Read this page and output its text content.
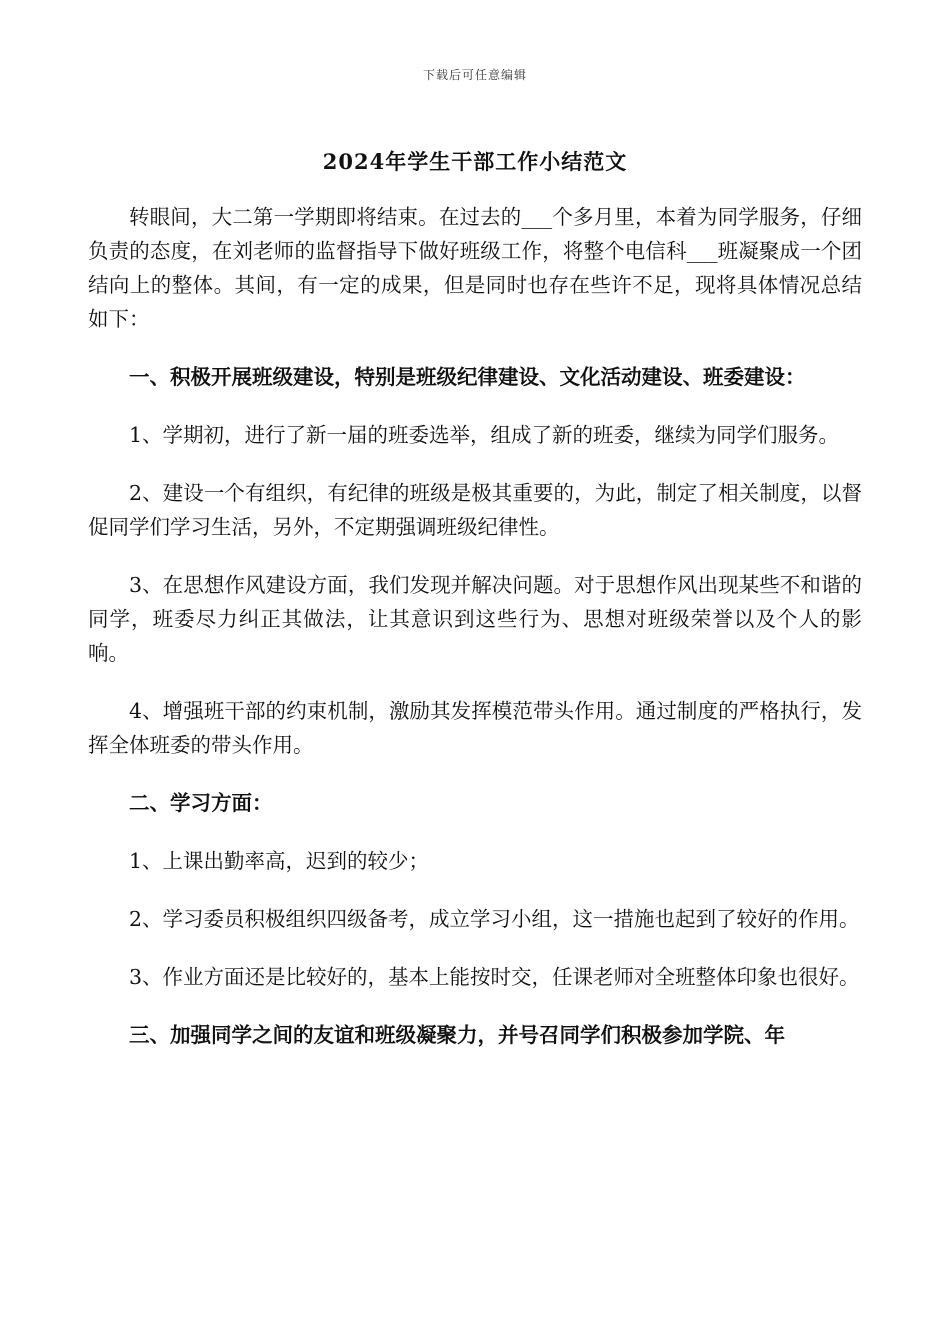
下载后可任意编辑
2024年学生干部工作小结范文

转眼间，大二第一学期即将结束。在过去的___个多月里，本着为同学服务，仔细负责的态度，在刘老师的监督指导下做好班级工作，将整个电信科___班凝聚成一个团结向上的整体。其间，有一定的成果，但是同时也存在些许不足，现将具体情况总结如下：

一、积极开展班级建设，特别是班级纪律建设、文化活动建设、班委建设：

1、学期初，进行了新一届的班委选举，组成了新的班委，继续为同学们服务。

2、建设一个有组织，有纪律的班级是极其重要的，为此，制定了相关制度，以督促同学们学习生活，另外，不定期强调班级纪律性。

3、在思想作风建设方面，我们发现并解决问题。对于思想作风出现某些不和谐的同学，班委尽力纠正其做法，让其意识到这些行为、思想对班级荣誉以及个人的影响。

4、增强班干部的约束机制，激励其发挥模范带头作用。通过制度的严格执行，发挥全体班委的带头作用。

二、学习方面：

1、上课出勤率高，迟到的较少；

2、学习委员积极组织四级备考，成立学习小组，这一措施也起到了较好的作用。

3、作业方面还是比较好的，基本上能按时交，任课老师对全班整体印象也很好。

三、加强同学之间的友谊和班级凝聚力，并号召同学们积极参加学院、年
